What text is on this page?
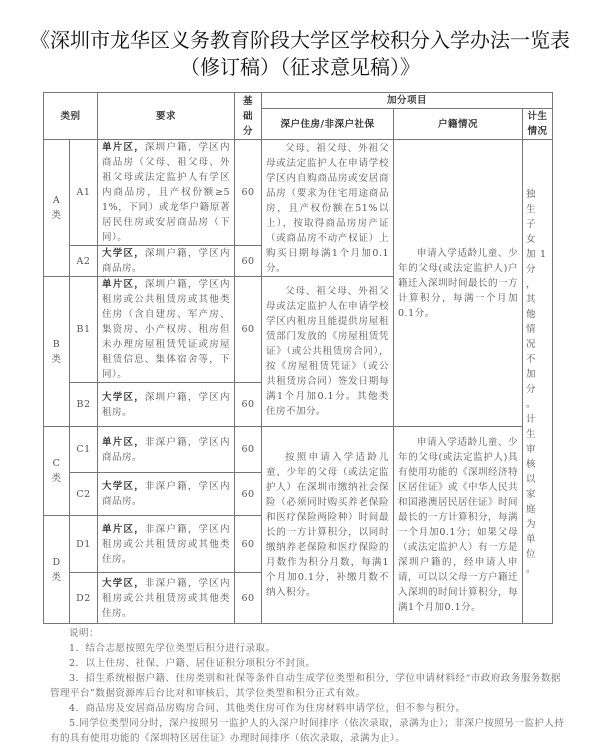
《深圳市龙华区义务教育阶段大学区学校积分入学办法一览表（修订稿）（征求意见稿）》
类别		要求	基础分	加分项目		
				深户住房/非深户社保	户籍情况	计生情况
A类	A1	单片区，深圳户籍，学区内商品房（父母、祖父母、外祖父母或法定监护人有学区内商品房，且产权份额≥51%，下同）或龙华户籍原著居民住房或安居商品房（下同）。	60	父母、祖父母、外祖父母或法定监护人在申请学校学区内自购商品房或安居商品房（要求为住宅用途商品房，且产权份额在51%以上），按取得商品房房产证（或商品房不动产权证）上购买日期每满1个月加0.1分。	申请入学适龄儿童、少年的父母(或法定监护人)户籍迁入深圳时间最长的一方计算积分，每满一个月加0.1分。	独生子女加1分，其他情况不加分。计生审核以家庭为单位。
	A2	大学区，深圳户籍，学区内商品房。	60			
B类	B1	单片区，深圳户籍，学区内租房或公共租赁房或其他类住房（含自建房、军产房、集资房、小产权房、租房但未办理房屋租赁凭证或房屋租赁信息、集体宿舍等，下同）。	60	父母、祖父母、外祖父母或法定监护人在申请学校学区内租房且能提供房屋租赁部门发放的《房屋租赁凭证》（或公共租赁房合同），按《房屋租赁凭证》（或公共租赁房合同）签发日期每满1个月加0.1分。其他类住房不加分。		
	B2	大学区，深圳户籍，学区内租房。	60			
C类	C1	单片区，非深户籍，学区内商品房。	60	按照申请入学适龄儿童、少年的父母（或法定监护人）在深圳市缴纳社会保险（必须同时购买养老保险和医疗保险两险种）时间最长的一方计算积分，以同时缴纳养老保险和医疗保险的月数作为积分月数，每满1个月加0.1分，补缴月数不纳入积分。	申请入学适龄儿童、少年的父母(或法定监护人)具有使用功能的《深圳经济特区居住证》或《中华人民共和国港澳居民居住证》时间最长的一方计算积分，每满一个月加0.1分；如果父母（或法定监护人）有一方是深圳户籍的，经申请人申请，可以以父母一方户籍迁入深圳的时间计算积分，每满1个月加0.1分。	
	C2	大学区，非深户籍，学区内商品房。	60			
D类	D1	单片区，非深户籍，学区内租房或公共租赁房或其他类住房。	60			
	D2	大学区，非深户籍，学区内租房或公共租赁房或其他类住房。	60			

说明：

1．结合志愿按照先学位类型后积分进行录取。

2．以上住房、社保、户籍、居住证积分项积分不封顶。

3．招生系统根据户籍、住房类别和社保等条件自动生成学位类型和积分，学位申请材料经“市政府政务服务数据管理平台”数据资源库后台比对和审核后，其学位类型和积分正式有效。

4．商品房及安居商品房购房合同、其他类住房可作为住房材料申请学位，但不参与积分。

5.同学位类型同分时，深户按照另一监护人的入深户时间排序（依次录取，录满为止）；非深户按照另一监护人持有的具有使用功能的《深圳特区居住证》办理时间排序（依次录取，录满为止）。
